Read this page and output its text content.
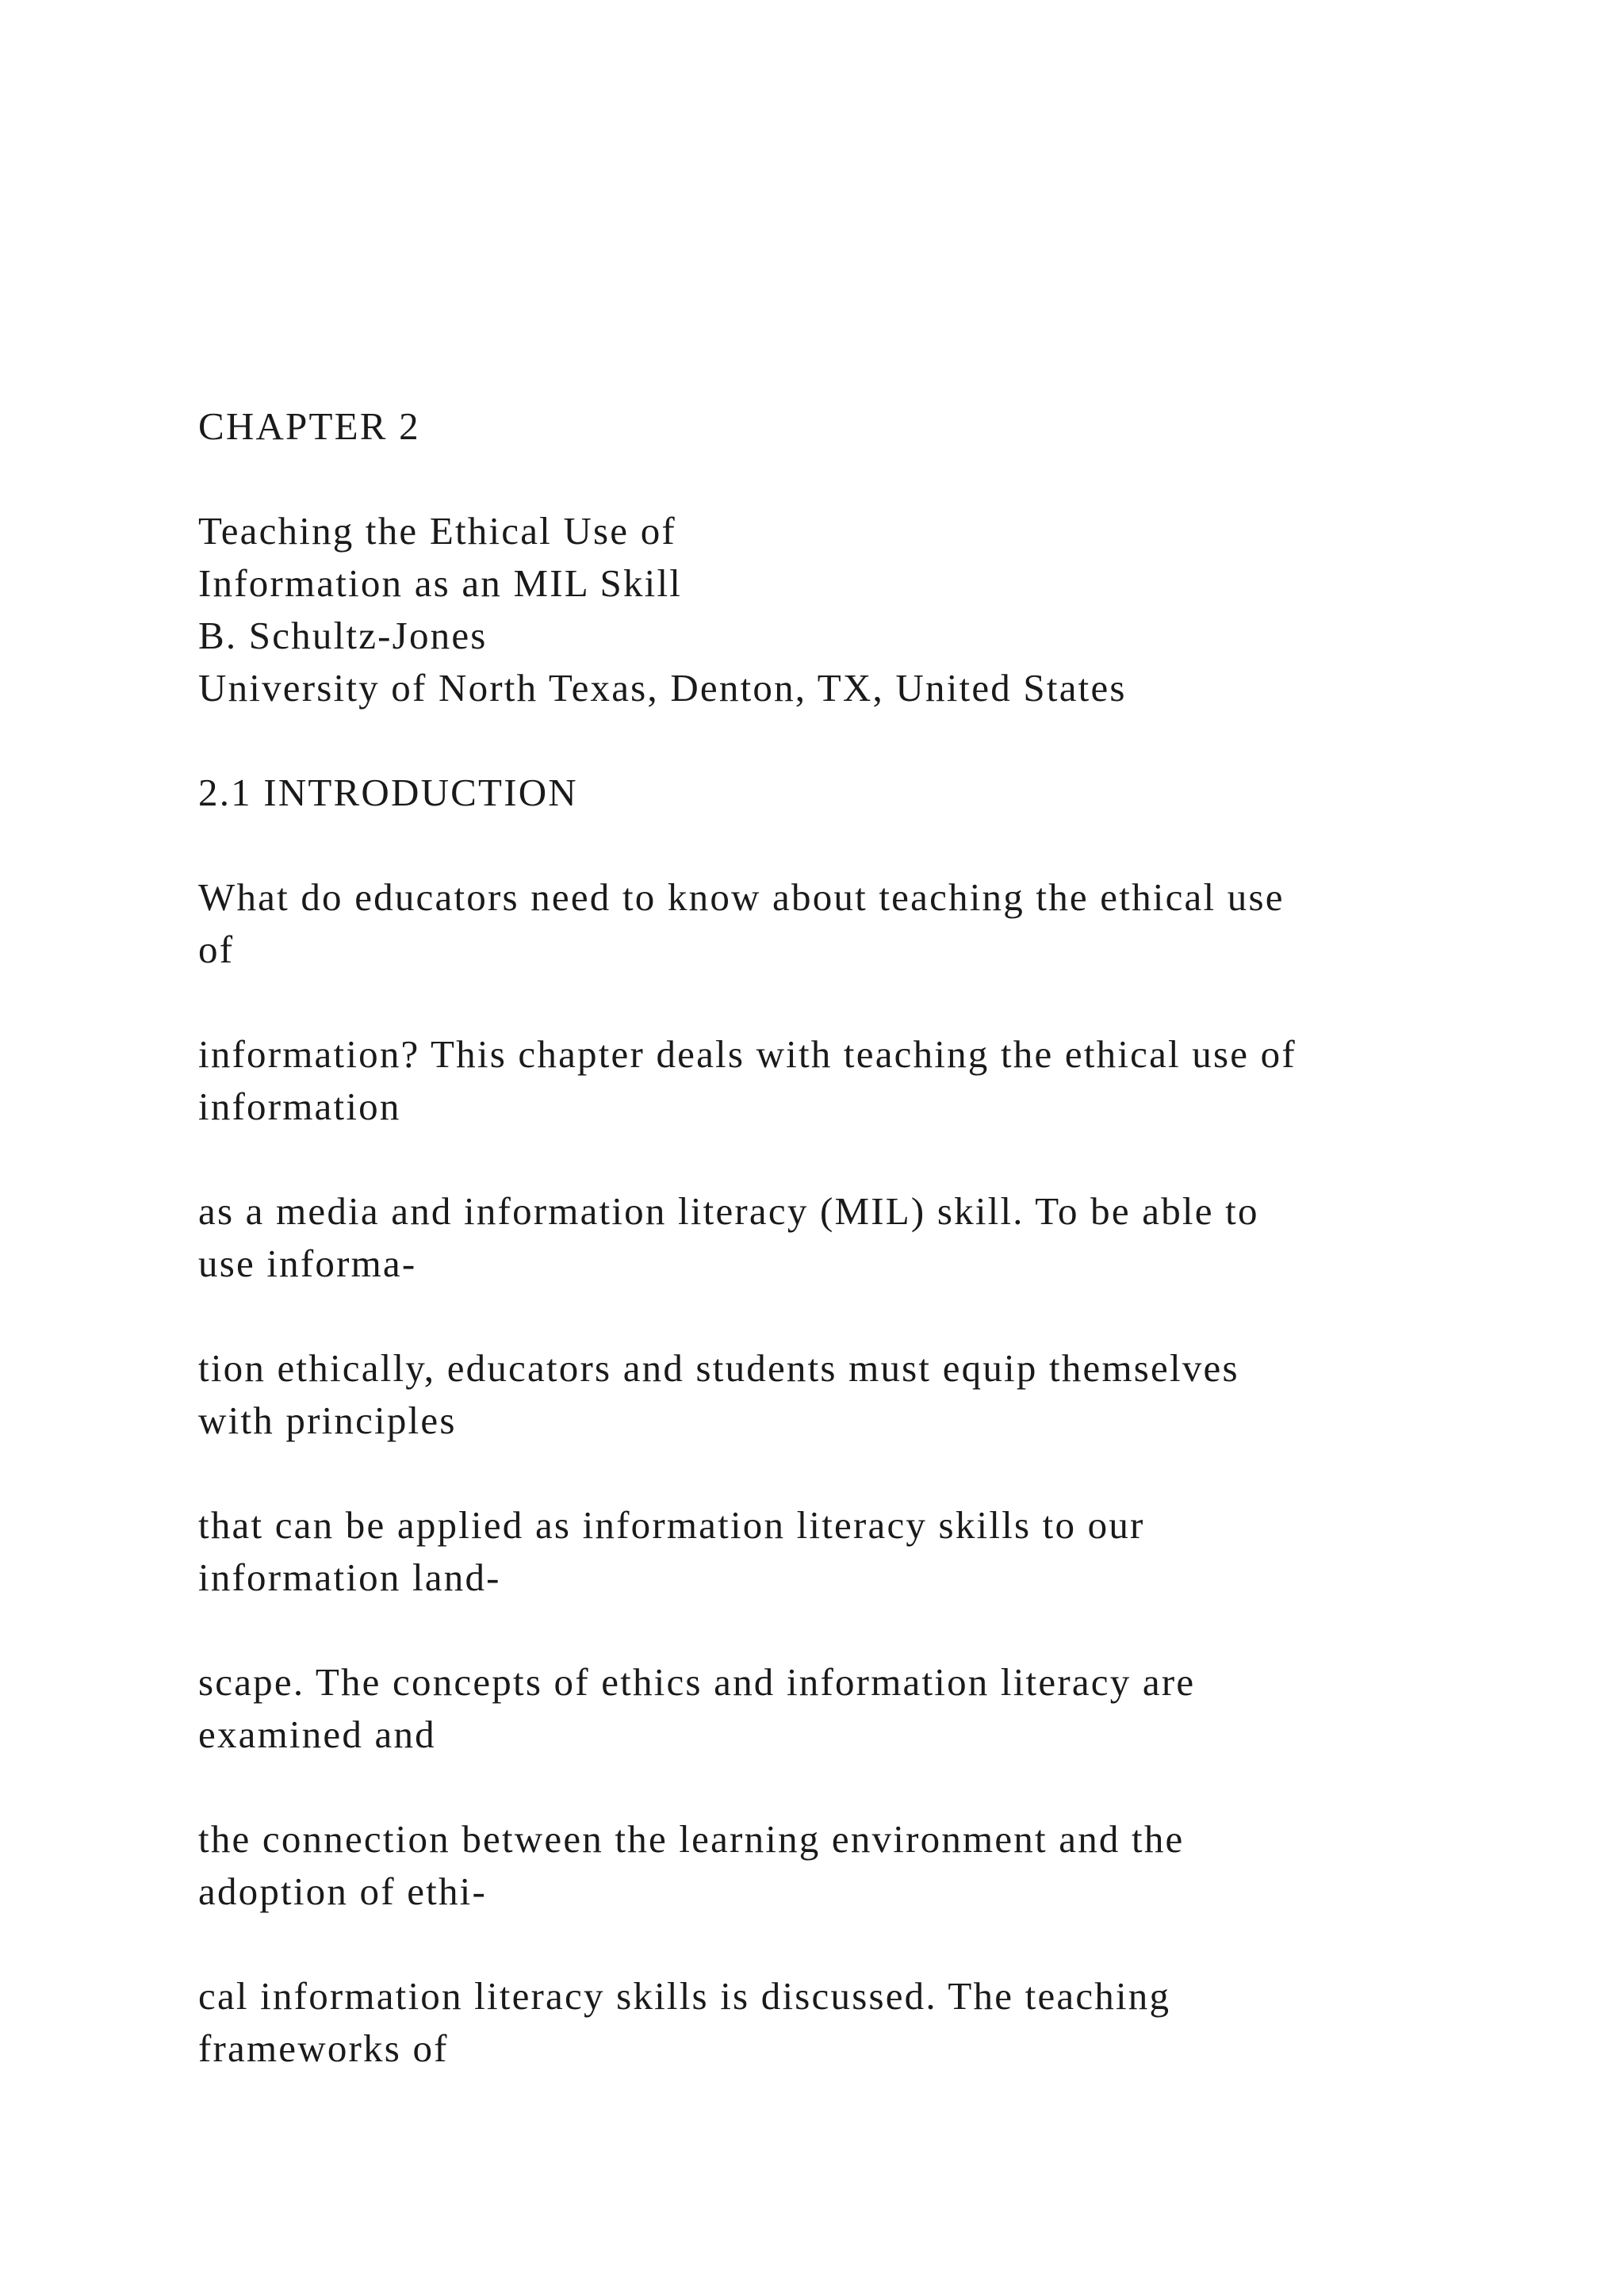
CHAPTER 2
Teaching the Ethical Use of
Information as an MIL Skill
B. Schultz-Jones
University of North Texas, Denton, TX, United States
2.1 INTRODUCTION
What do educators need to know about teaching the ethical use
of
information? This chapter deals with teaching the ethical use of
information
as a media and information literacy (MIL) skill. To be able to
use informa-
tion ethically, educators and students must equip themselves
with principles
that can be applied as information literacy skills to our
information land-
scape. The concepts of ethics and information literacy are
examined and
the connection between the learning environment and the
adoption of ethi-
cal information literacy skills is discussed. The teaching
frameworks of
